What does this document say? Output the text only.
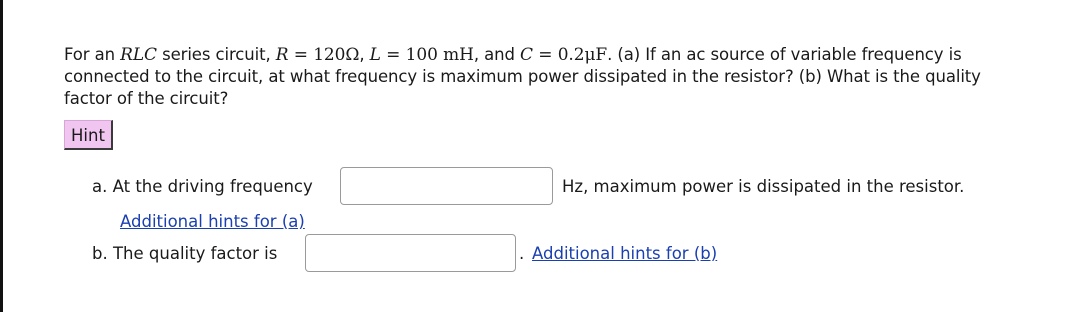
For an RLC series circuit, R = 120Ω, L = 100 mH, and C = 0.2μF. (a) If an ac source of variable frequency is connected to the circuit, at what frequency is maximum power dissipated in the resistor? (b) What is the quality factor of the circuit?
Hint
a. At the driving frequency	Hz, maximum power is dissipated in the resistor.
Additional hints for (a)
b. The quality factor is	. Additional hints for (b)
